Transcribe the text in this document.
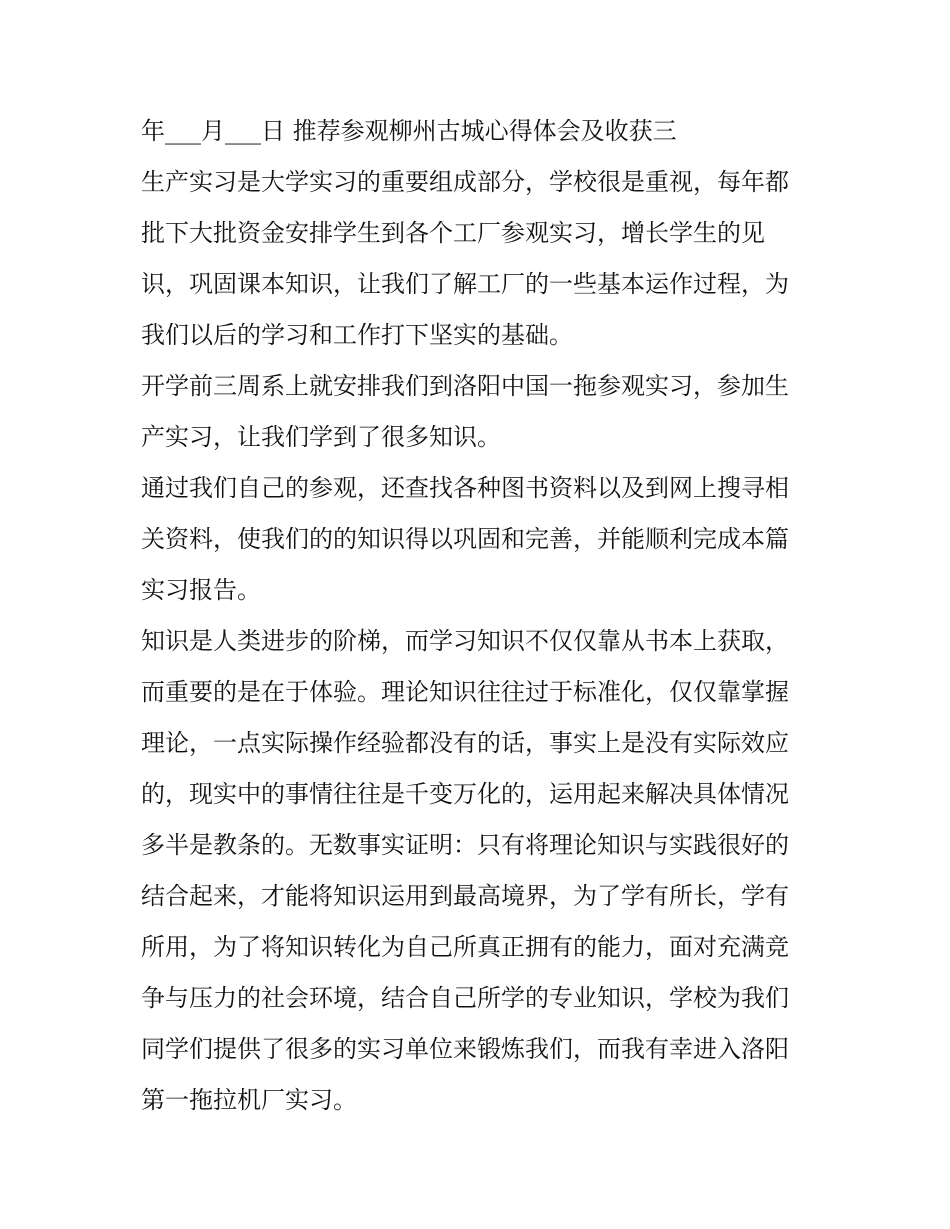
年___月___日 推荐参观柳州古城心得体会及收获三
生产实习是大学实习的重要组成部分，学校很是重视，每年都
批下大批资金安排学生到各个工厂参观实习，增长学生的见
识，巩固课本知识，让我们了解工厂的一些基本运作过程，为
我们以后的学习和工作打下坚实的基础。
开学前三周系上就安排我们到洛阳中国一拖参观实习，参加生
产实习，让我们学到了很多知识。
通过我们自己的参观，还查找各种图书资料以及到网上搜寻相
关资料，使我们的的知识得以巩固和完善，并能顺利完成本篇
实习报告。
知识是人类进步的阶梯，而学习知识不仅仅靠从书本上获取，
而重要的是在于体验。理论知识往往过于标准化，仅仅靠掌握
理论，一点实际操作经验都没有的话，事实上是没有实际效应
的，现实中的事情往往是千变万化的，运用起来解决具体情况
多半是教条的。无数事实证明：只有将理论知识与实践很好的
结合起来，才能将知识运用到最高境界，为了学有所长，学有
所用，为了将知识转化为自己所真正拥有的能力，面对充满竞
争与压力的社会环境，结合自己所学的专业知识，学校为我们
同学们提供了很多的实习单位来锻炼我们，而我有幸进入洛阳
第一拖拉机厂实习。
